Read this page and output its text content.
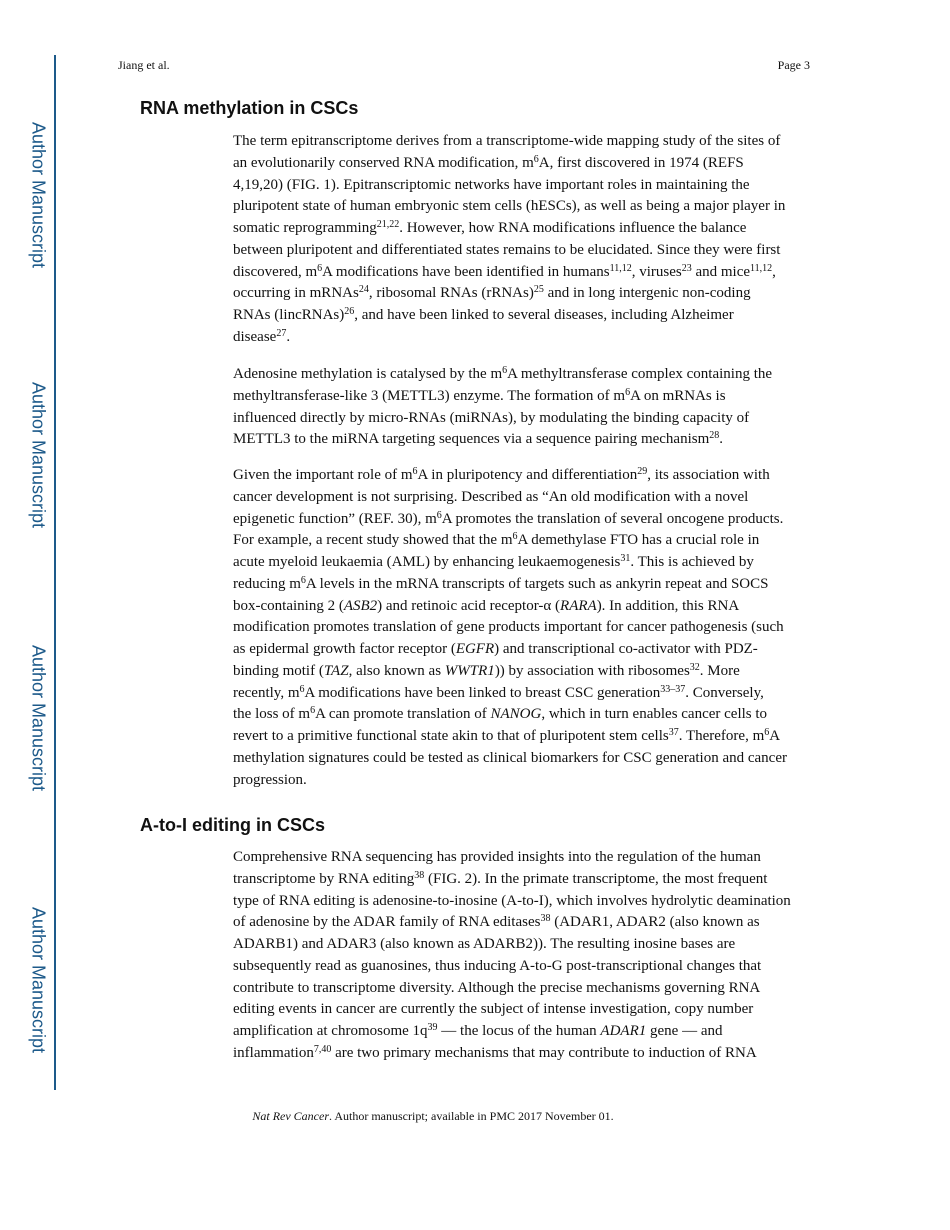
Author Manuscript
Author Manuscript
Author Manuscript
Author Manuscript
Jiang et al.	Page 3
RNA methylation in CSCs
The term epitranscriptome derives from a transcriptome-wide mapping study of the sites of
an evolutionarily conserved RNA modification, $m^6A$, first discovered in 1974 (REFS
4,19,20) (FIG. 1). Epitranscriptomic networks have important roles in maintaining the
pluripotent state of human embryonic stem cells (hESCs), as well as being a major player in
somatic reprogramming$^{21,22}$. However, how RNA modifications influence the balance
between pluripotent and differentiated states remains to be elucidated. Since they were first
discovered, $m^6A$ modifications have been identified in humans$^{11,12}$, viruses$^{23}$ and mice$^{11,12}$,
occurring in mRNAs$^{24}$, ribosomal RNAs (rRNAs)$^{25}$ and in long intergenic non-coding
RNAs (lincRNAs)$^{26}$, and have been linked to several diseases, including Alzheimer
disease$^{27}$.
Adenosine methylation is catalysed by the $m^6A$ methyltransferase complex containing the
methyltransferase-like 3 (METTL3) enzyme. The formation of $m^6A$ on mRNAs is
influenced directly by micro-RNAs (miRNAs), by modulating the binding capacity of
METTL3 to the miRNA targeting sequences via a sequence pairing mechanism$^{28}$.
Given the important role of $m^6A$ in pluripotency and differentiation$^{29}$, its association with
cancer development is not surprising. Described as “An old modification with a novel
epigenetic function” (REF. 30), $m^6A$ promotes the translation of several oncogene products.
For example, a recent study showed that the $m^6A$ demethylase FTO has a crucial role in
acute myeloid leukaemia (AML) by enhancing leukaemogenesis$^{31}$. This is achieved by
reducing $m^6A$ levels in the mRNA transcripts of targets such as ankyrin repeat and SOCS
box-containing 2 (ASB2) and retinoic acid receptor-α (RARA). In addition, this RNA
modification promotes translation of gene products important for cancer pathogenesis (such
as epidermal growth factor receptor (EGFR) and transcriptional co-activator with PDZ-
binding motif (TAZ, also known as WWTR1)) by association with ribosomes$^{32}$. More
recently, $m^6A$ modifications have been linked to breast CSC generation$^{33-37}$. Conversely,
the loss of $m^6A$ can promote translation of NANOG, which in turn enables cancer cells to
revert to a primitive functional state akin to that of pluripotent stem cells$^{37}$. Therefore, $m^6A$
methylation signatures could be tested as clinical biomarkers for CSC generation and cancer
progression.
A-to-I editing in CSCs
Comprehensive RNA sequencing has provided insights into the regulation of the human
transcriptome by RNA editing$^{38}$ (FIG. 2). In the primate transcriptome, the most frequent
type of RNA editing is adenosine-to-inosine (A-to-I), which involves hydrolytic deamination
of adenosine by the ADAR family of RNA editases$^{38}$ (ADAR1, ADAR2 (also known as
ADARB1) and ADAR3 (also known as ADARB2)). The resulting inosine bases are
subsequently read as guanosines, thus inducing A-to-G post-transcriptional changes that
contribute to transcriptome diversity. Although the precise mechanisms governing RNA
editing events in cancer are currently the subject of intense investigation, copy number
amplification at chromosome $1q^{39}$ — the locus of the human ADAR1 gene — and
inflammation$^{7,40}$ are two primary mechanisms that may contribute to induction of RNA
Nat Rev Cancer. Author manuscript; available in PMC 2017 November 01.
